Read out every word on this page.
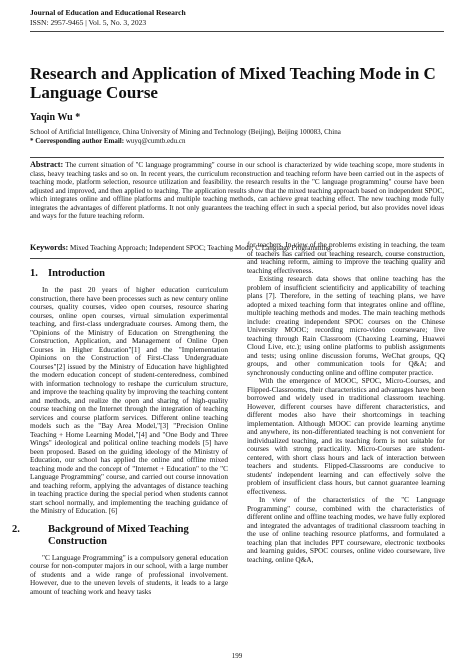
Journal of Education and Educational Research
ISSN: 2957-9465 | Vol. 5, No. 3, 2023
Research and Application of Mixed Teaching Mode in C Language Course
Yaqin Wu *
School of Artificial Intelligence, China University of Mining and Technology (Beijing), Beijing 100083, China
* Corresponding author Email: wuyq@cumtb.edu.cn
Abstract: The current situation of "C language programming" course in our school is characterized by wide teaching scope, more students in class, heavy teaching tasks and so on. In recent years, the curriculum reconstruction and teaching reform have been carried out in the aspects of teaching mode, platform selection, resource utilization and feasibility. the research results in the "C language programming" course have been adjusted and improved, and then applied to teaching. The application results show that the mixed teaching approach based on independent SPOC, which integrates online and offline platforms and multiple teaching methods, can achieve great teaching effect. The new teaching mode fully integrates the advantages of different platforms. It not only guarantees the teaching effect in such a special period, but also provides novel ideas and ways for the future teaching reform.
Keywords: Mixed Teaching Approach; Independent SPOC; Teaching Mode; C Language Programming.
1. Introduction

In the past 20 years of higher education curriculum construction, there have been processes such as new century online courses, quality courses, video open courses, resource sharing courses, online open courses, virtual simulation experimental teaching, and first-class undergraduate courses. Among them, the "Opinions of the Ministry of Education on Strengthening the Construction, Application, and Management of Online Open Courses in Higher Education"[1] and the "Implementation Opinions on the Construction of First-Class Undergraduate Courses"[2] issued by the Ministry of Education have highlighted the modern education concept of student-centeredness, combined with information technology to reshape the curriculum structure, and improve the teaching quality by improving the teaching content and methods, and realize the open and sharing of high-quality course teaching on the Internet through the integration of teaching services and course platform services. Different online teaching models such as the "Bay Area Model,"[3] "Precision Online Teaching + Home Learning Model,"[4] and "One Body and Three Wings" ideological and political online teaching models [5] have been proposed. Based on the guiding ideology of the Ministry of Education, our school has applied the online and offline mixed teaching mode and the concept of "Internet + Education" to the "C Language Programming" course, and carried out course innovation and teaching reform, applying the advantages of distance teaching in teaching practice during the special period when students cannot start school normally, and implementing the teaching guidance of the Ministry of Education. [6]

2.	Background of Mixed Teaching Construction

"C Language Programming" is a compulsory general education course for non-computer majors in our school, with a large number of students and a wide range of professional involvement. However, due to the uneven levels of students, it leads to a large amount of teaching work and heavy tasks

for teachers. In view of the problems existing in teaching, the team of teachers has carried out teaching research, course construction, and teaching reform, aiming to improve the teaching quality and teaching effectiveness.

Existing research data shows that online teaching has the problem of insufficient scientificity and applicability of teaching plans [7]. Therefore, in the setting of teaching plans, we have adopted a mixed teaching form that integrates online and offline, multiple teaching methods and modes. The main teaching methods include: creating independent SPOC courses on the Chinese University MOOC; recording micro-video courseware; live teaching through Rain Classroom (Chaoxing Learning, Huawei Cloud Live, etc.); using online platforms to publish assignments and tests; using online discussion forums, WeChat groups, QQ groups, and other communication tools for Q&A; and synchronously conducting online and offline computer practice.

With the emergence of MOOC, SPOC, Micro-Courses, and Flipped-Classrooms, their characteristics and advantages have been borrowed and widely used in traditional classroom teaching. However, different courses have different characteristics, and different modes also have their shortcomings in teaching implementation. Although MOOC can provide learning anytime and anywhere, its non-differentiated teaching is not convenient for individualized teaching, and its teaching form is not suitable for courses with strong practicality. Micro-Courses are student-centered, with short class hours and lack of interaction between teachers and students. Flipped-Classrooms are conducive to students' independent learning and can effectively solve the problem of insufficient class hours, but cannot guarantee learning effectiveness.

In view of the characteristics of the "C Language Programming" course, combined with the characteristics of different online and offline teaching modes, we have fully explored and integrated the advantages of traditional classroom teaching in the use of online teaching resource platforms, and formulated a teaching plan that includes PPT courseware, electronic textbooks and learning guides, SPOC courses, online video courseware, live teaching, online Q&A,

199
